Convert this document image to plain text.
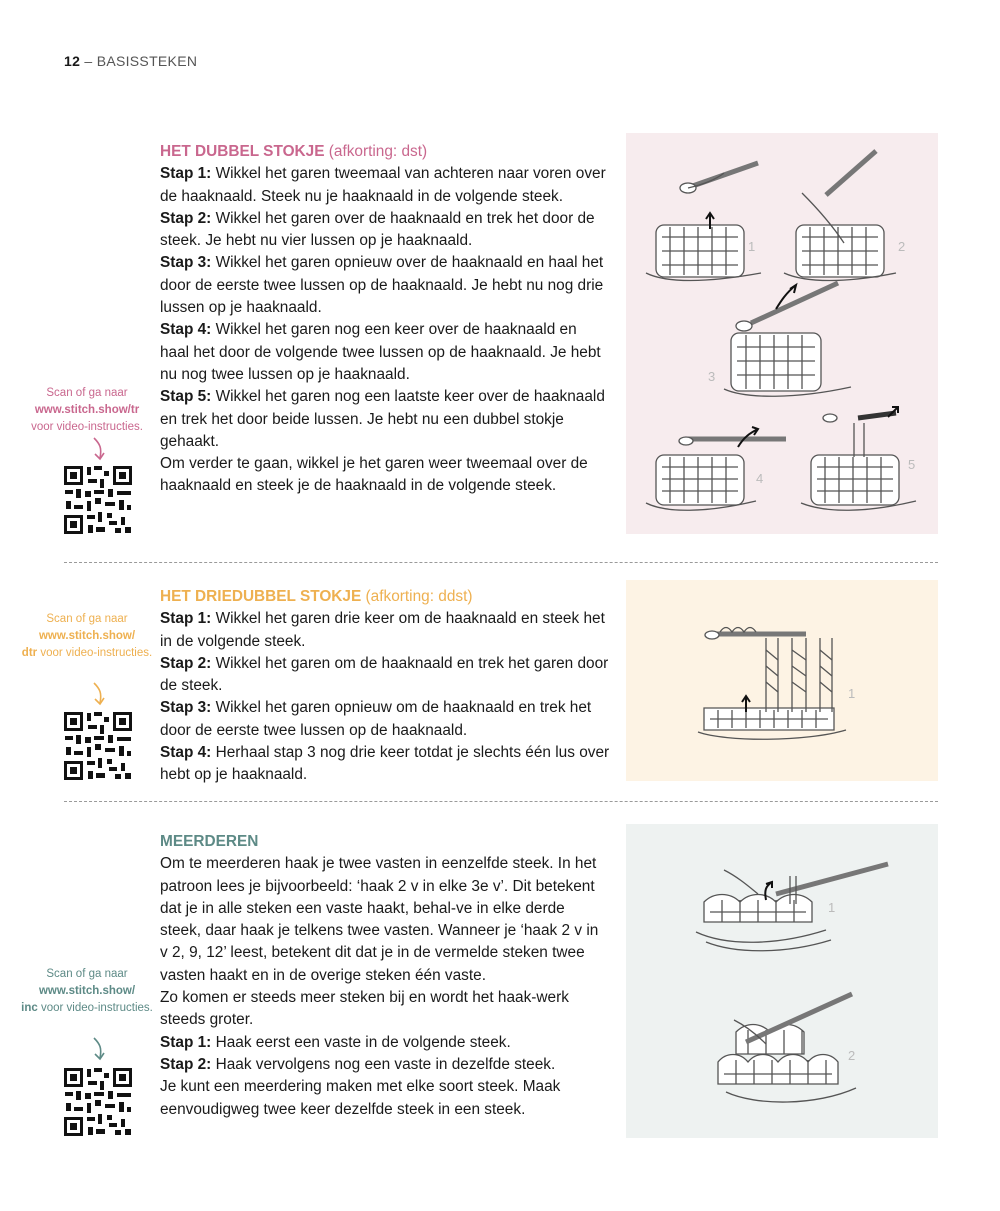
12 – BASISSTEKEN

HET DUBBEL STOKJE (afkorting: dst)

Stap 1: Wikkel het garen tweemaal van achteren naar voren over de haaknaald. Steek nu je haaknaald in de volgende steek.

Stap 2: Wikkel het garen over de haaknaald en trek het door de steek. Je hebt nu vier lussen op je haaknaald.

Stap 3: Wikkel het garen opnieuw over de haaknaald en haal het door de eerste twee lussen op de haaknaald. Je hebt nu nog drie lussen op je haaknaald.

Stap 4: Wikkel het garen nog een keer over de haaknaald en haal het door de volgende twee lussen op de haaknaald. Je hebt nu nog twee lussen op je haaknaald.

Stap 5: Wikkel het garen nog een laatste keer over de haaknaald en trek het door beide lussen. Je hebt nu een dubbel stokje gehaakt.

Om verder te gaan, wikkel je het garen weer tweemaal over de haaknaald en steek je de haaknaald in de volgende steek.

Scan of ga naar
www.stitch.show/tr
voor video-instructies.
1	2
3
4
5

HET DRIEDUBBEL STOKJE (afkorting: ddst)

Stap 1: Wikkel het garen drie keer om de haaknaald en steek het in de volgende steek.

Stap 2: Wikkel het garen om de haaknaald en trek het garen door de steek.

Stap 3: Wikkel het garen opnieuw om de haaknaald en trek het door de eerste twee lussen op de haaknaald.

Stap 4: Herhaal stap 3 nog drie keer totdat je slechts één lus over hebt op je haaknaald.

Scan of ga naar
www.stitch.show/
dtr voor video-instructies.
1

MEERDEREN

Om te meerderen haak je twee vasten in eenzelfde steek. In het patroon lees je bijvoorbeeld: ‘haak 2 v in elke 3e v’. Dit betekent dat je in alle steken een vaste haakt, behal-ve in elke derde steek, daar haak je telkens twee vasten. Wanneer je ‘haak 2 v in v 2, 9, 12’ leest, betekent dit dat je in de vermelde steken twee vasten haakt en in de overige steken één vaste.

Zo komen er steeds meer steken bij en wordt het haak-werk steeds groter.

Stap 1: Haak eerst een vaste in de volgende steek.

Stap 2: Haak vervolgens nog een vaste in dezelfde steek.

Je kunt een meerdering maken met elke soort steek. Maak eenvoudigweg twee keer dezelfde steek in een steek.

Scan of ga naar
www.stitch.show/
inc voor video-instructies.
1
2
